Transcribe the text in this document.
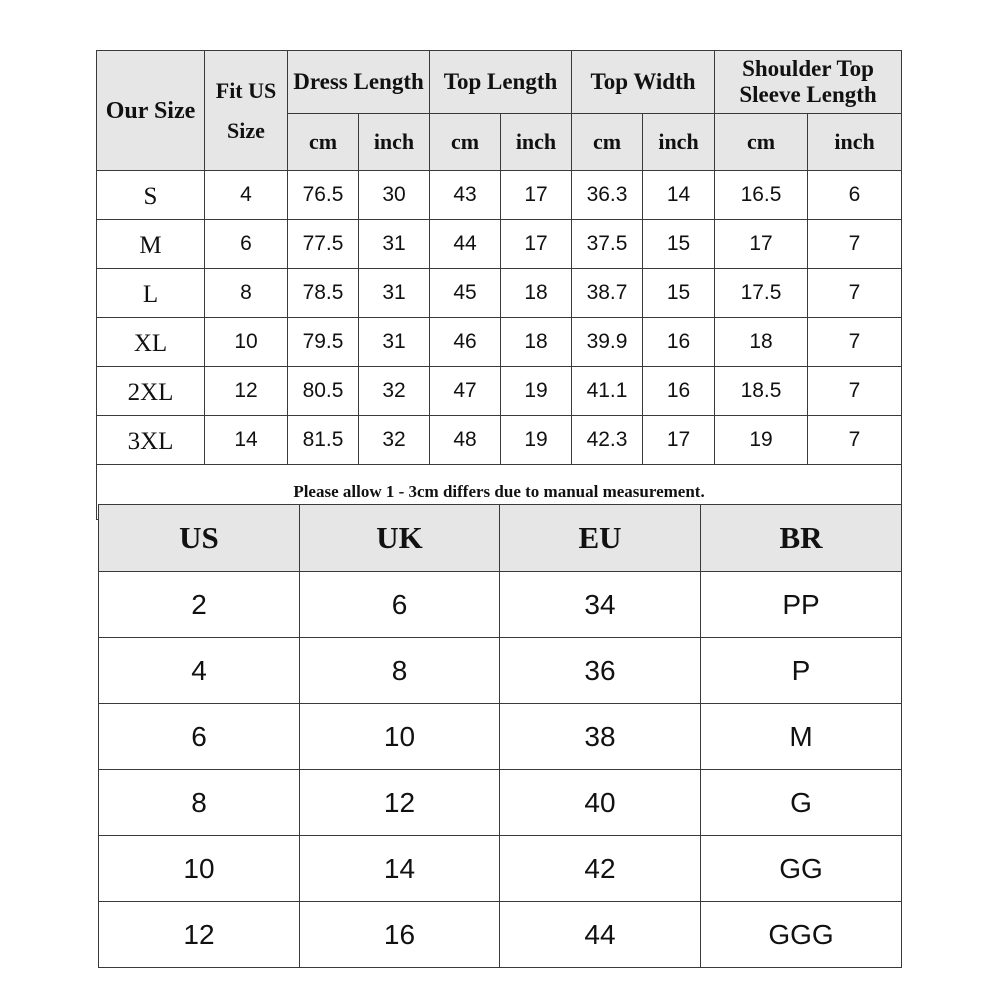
Our Size	Fit US
Size	Dress Length		Top Length		Top Width		Shoulder Top Sleeve Length	
		cm	inch	cm	inch	cm	inch	cm	inch
S	4	76.5	30	43	17	36.3	14	16.5	6
M	6	77.5	31	44	17	37.5	15	17	7
L	8	78.5	31	45	18	38.7	15	17.5	7
XL	10	79.5	31	46	18	39.9	16	18	7
2XL	12	80.5	32	47	19	41.1	16	18.5	7
3XL	14	81.5	32	48	19	42.3	17	19	7
Please allow 1 - 3cm differs due to manual measurement.									
US	UK	EU	BR
2	6	34	PP
4	8	36	P
6	10	38	M
8	12	40	G
10	14	42	GG
12	16	44	GGG
